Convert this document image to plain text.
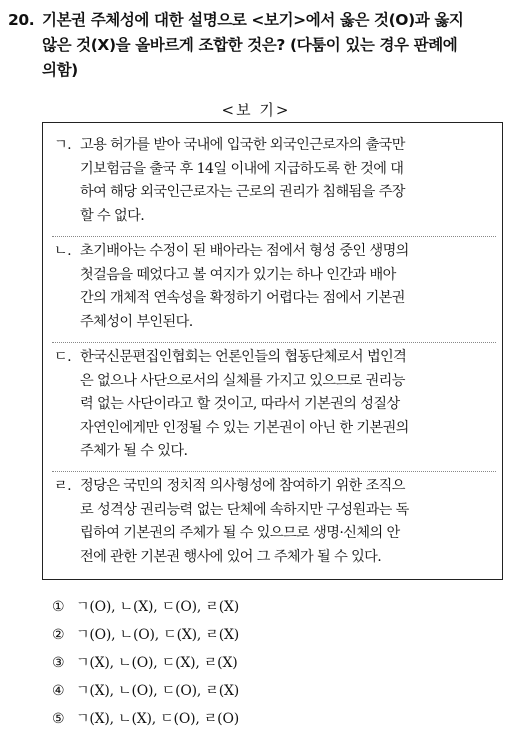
20. 기본권 주체성에 대한 설명으로 <보기>에서 옳은 것(O)과 옳지
않은 것(X)을 올바르게 조합한 것은? (다툼이 있는 경우 판례에
의함)
<보 기>
ㄱ. 고용 허가를 받아 국내에 입국한 외국인근로자의 출국만
기보험금을 출국 후 14일 이내에 지급하도록 한 것에 대
하여 해당 외국인근로자는 근로의 권리가 침해됨을 주장
할 수 없다.
ㄴ. 초기배아는 수정이 된 배아라는 점에서 형성 중인 생명의
첫걸음을 떼었다고 볼 여지가 있기는 하나 인간과 배아
간의 개체적 연속성을 확정하기 어렵다는 점에서 기본권
주체성이 부인된다.
ㄷ. 한국신문편집인협회는 언론인들의 협동단체로서 법인격
은 없으나 사단으로서의 실체를 가지고 있으므로 권리능
력 없는 사단이라고 할 것이고, 따라서 기본권의 성질상
자연인에게만 인정될 수 있는 기본권이 아닌 한 기본권의
주체가 될 수 있다.
ㄹ. 정당은 국민의 정치적 의사형성에 참여하기 위한 조직으
로 성격상 권리능력 없는 단체에 속하지만 구성원과는 독
립하여 기본권의 주체가 될 수 있으므로 생명·신체의 안
전에 관한 기본권 행사에 있어 그 주체가 될 수 있다.
① ㄱ(O), ㄴ(X), ㄷ(O), ㄹ(X)
② ㄱ(O), ㄴ(O), ㄷ(X), ㄹ(X)
③ ㄱ(X), ㄴ(O), ㄷ(X), ㄹ(X)
④ ㄱ(X), ㄴ(O), ㄷ(O), ㄹ(X)
⑤ ㄱ(X), ㄴ(X), ㄷ(O), ㄹ(O)
